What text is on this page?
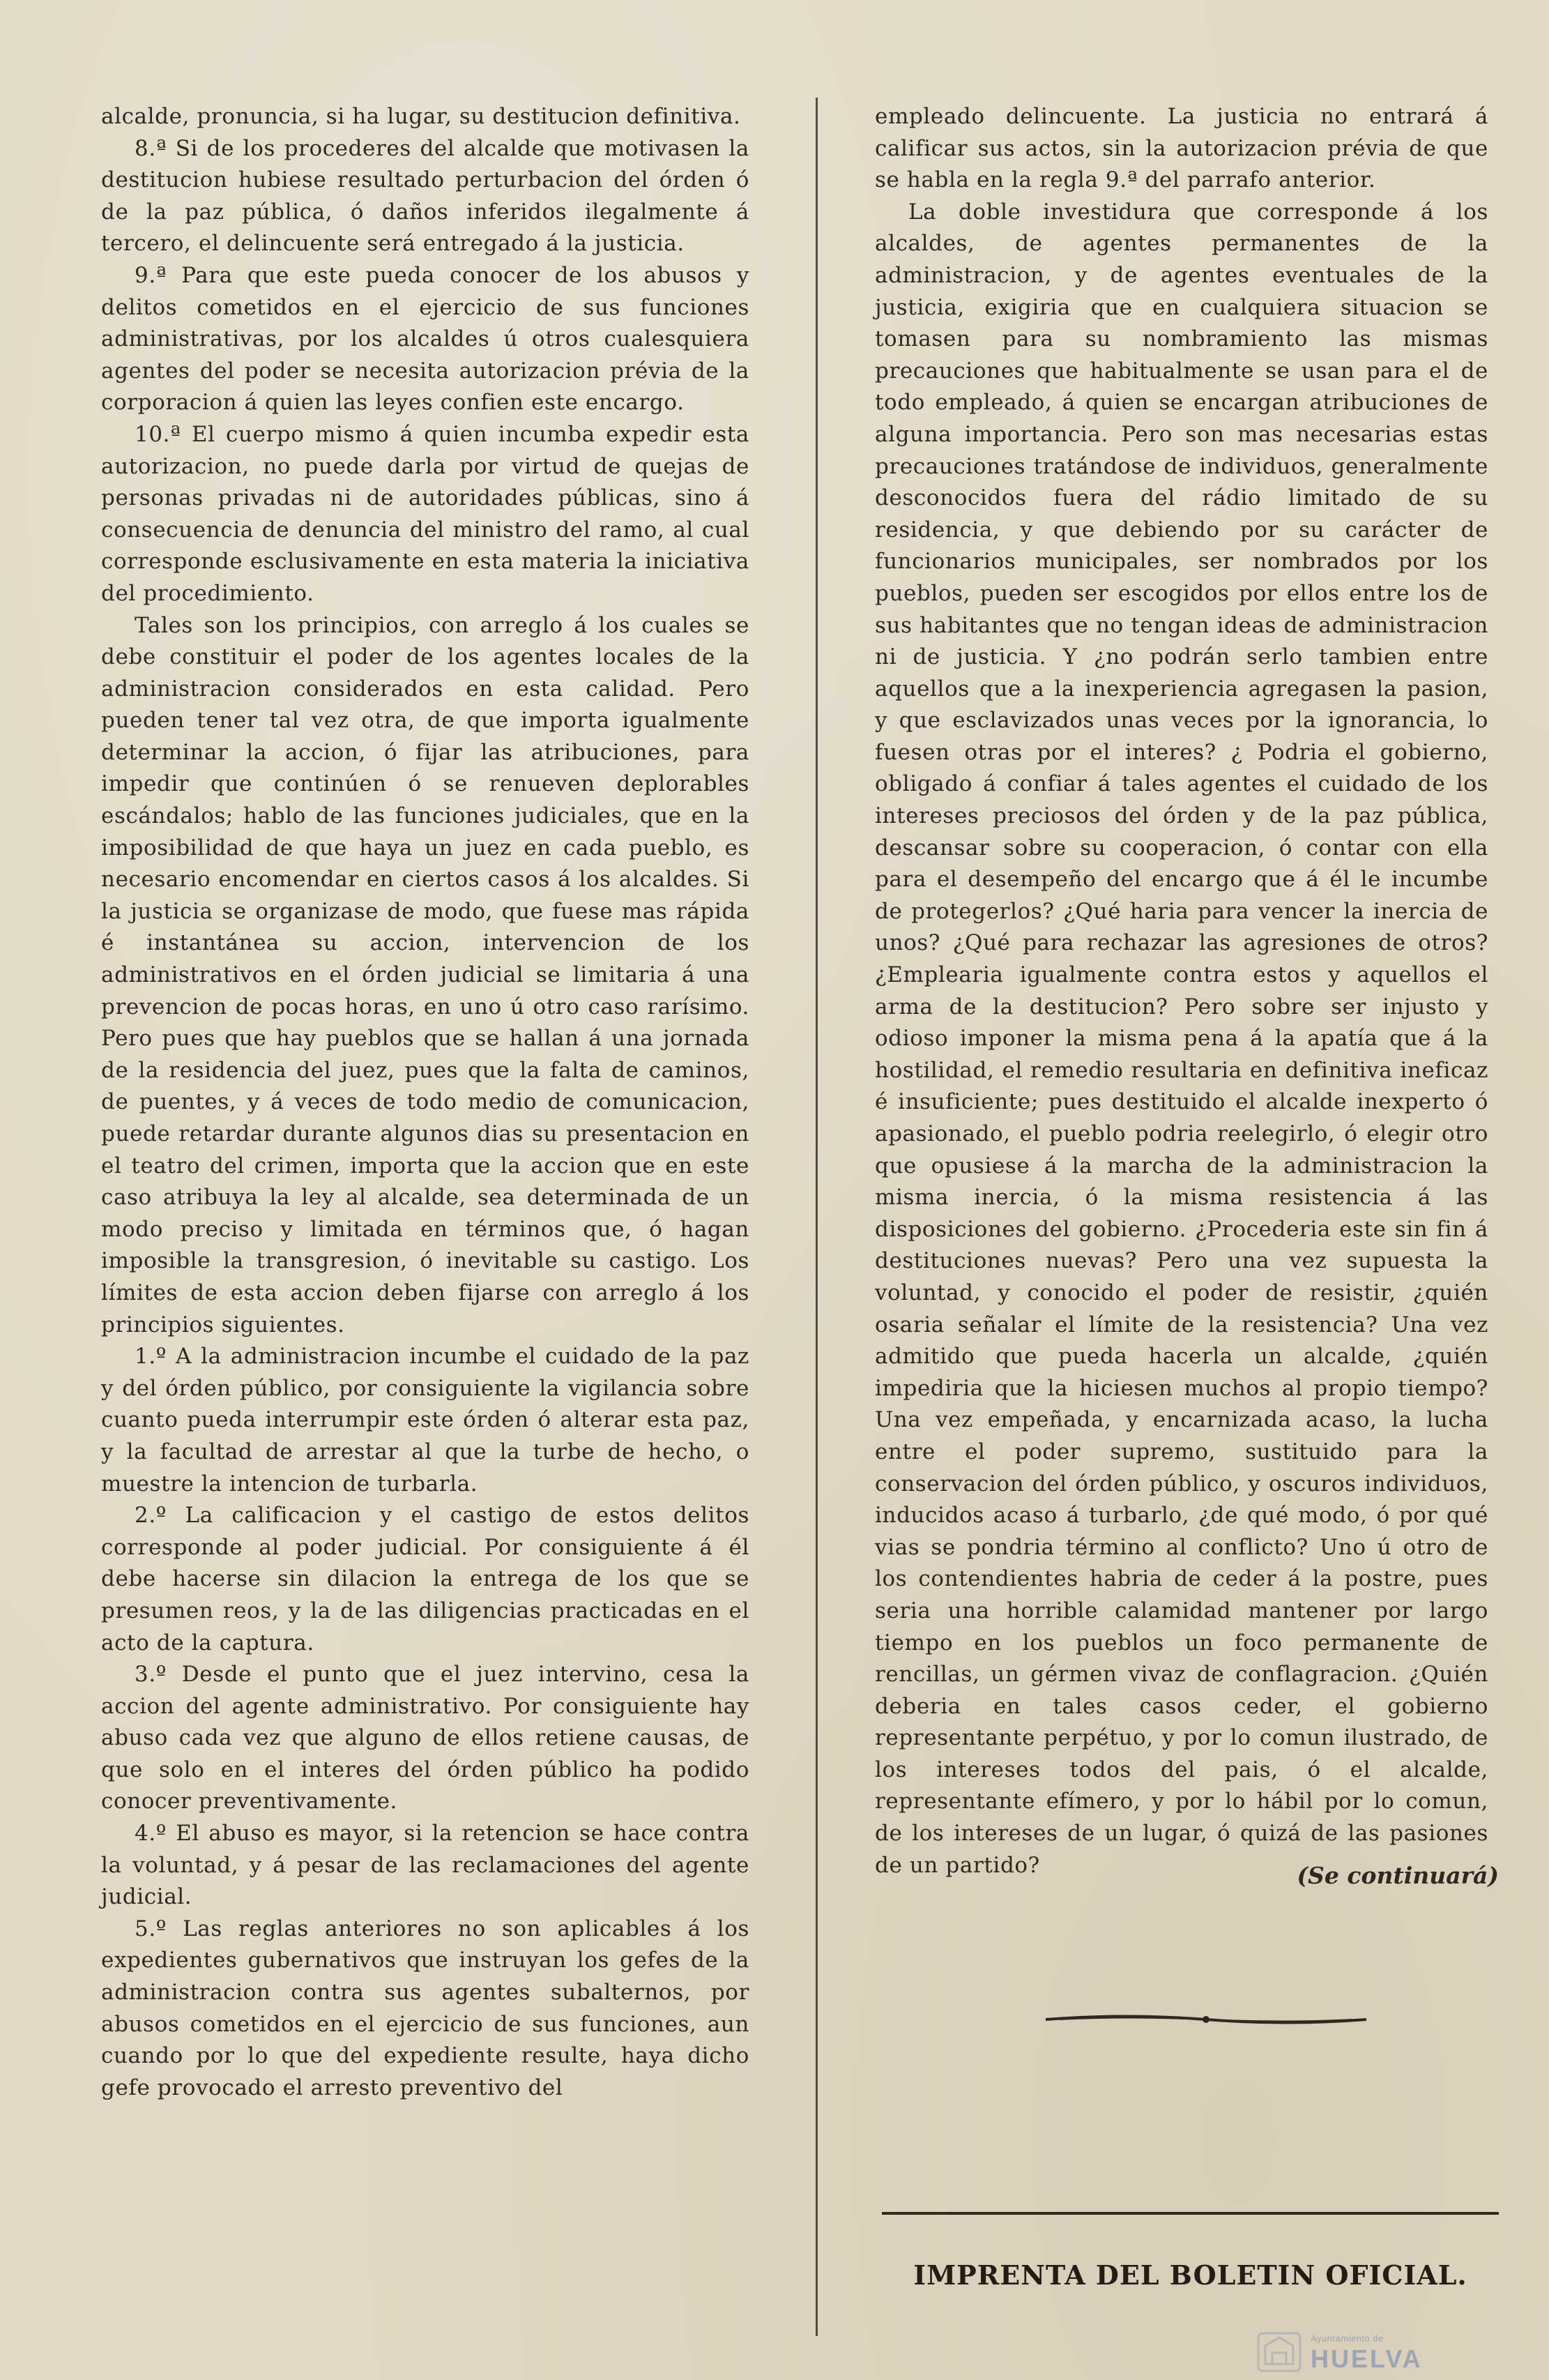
alcalde, pronuncia, si ha lugar, su destitucion definitiva.

8.ª Si de los procederes del alcalde que motivasen la destitucion hubiese resultado perturbacion del órden ó de la paz pública, ó daños inferidos ilegalmente á tercero, el delincuente será entregado á la justicia.

9.ª Para que este pueda conocer de los abusos y delitos cometidos en el ejercicio de sus funciones administrativas, por los alcaldes ú otros cualesquiera agentes del poder se necesita autorizacion prévia de la corporacion á quien las leyes confien este encargo.

10.ª El cuerpo mismo á quien incumba expedir esta autorizacion, no puede darla por virtud de quejas de personas privadas ni de autoridades públicas, sino á consecuencia de denuncia del ministro del ramo, al cual corresponde esclusivamente en esta materia la iniciativa del procedimiento.

Tales son los principios, con arreglo á los cuales se debe constituir el poder de los agentes locales de la administracion considerados en esta calidad. Pero pueden tener tal vez otra, de que importa igualmente determinar la accion, ó fijar las atribuciones, para impedir que continúen ó se renueven deplorables escándalos; hablo de las funciones judiciales, que en la imposibilidad de que haya un juez en cada pueblo, es necesario encomendar en ciertos casos á los alcaldes. Si la justicia se organizase de modo, que fuese mas rápida é instantánea su accion, intervencion de los administrativos en el órden judicial se limitaria á una prevencion de pocas horas, en uno ú otro caso rarísimo. Pero pues que hay pueblos que se hallan á una jornada de la residencia del juez, pues que la falta de caminos, de puentes, y á veces de todo medio de comunicacion, puede retardar durante algunos dias su presentacion en el teatro del crimen, importa que la accion que en este caso atribuya la ley al alcalde, sea determinada de un modo preciso y limitada en términos que, ó hagan imposible la transgresion, ó inevitable su castigo. Los límites de esta accion deben fijarse con arreglo á los principios siguientes.

1.º A la administracion incumbe el cuidado de la paz y del órden público, por consiguiente la vigilancia sobre cuanto pueda interrumpir este órden ó alterar esta paz, y la facultad de arrestar al que la turbe de hecho, o muestre la intencion de turbarla.

2.º La calificacion y el castigo de estos delitos corresponde al poder judicial. Por consiguiente á él debe hacerse sin dilacion la entrega de los que se presumen reos, y la de las diligencias practicadas en el acto de la captura.

3.º Desde el punto que el juez intervino, cesa la accion del agente administrativo. Por consiguiente hay abuso cada vez que alguno de ellos retiene causas, de que solo en el interes del órden público ha podido conocer preventivamente.

4.º El abuso es mayor, si la retencion se hace contra la voluntad, y á pesar de las reclamaciones del agente judicial.

5.º Las reglas anteriores no son aplicables á los expedientes gubernativos que instruyan los gefes de la administracion contra sus agentes subalternos, por abusos cometidos en el ejercicio de sus funciones, aun cuando por lo que del expediente resulte, haya dicho gefe provocado el arresto preventivo del

empleado delincuente. La justicia no entrará á calificar sus actos, sin la autorizacion prévia de que se habla en la regla 9.ª del parrafo anterior.

La doble investidura que corresponde á los alcaldes, de agentes permanentes de la administracion, y de agentes eventuales de la justicia, exigiria que en cualquiera situacion se tomasen para su nombramiento las mismas precauciones que habitualmente se usan para el de todo empleado, á quien se encargan atribuciones de alguna importancia. Pero son mas necesarias estas precauciones tratándose de individuos, generalmente desconocidos fuera del rádio limitado de su residencia, y que debiendo por su carácter de funcionarios municipales, ser nombrados por los pueblos, pueden ser escogidos por ellos entre los de sus habitantes que no tengan ideas de administracion ni de justicia. Y ¿no podrán serlo tambien entre aquellos que a la inexperiencia agregasen la pasion, y que esclavizados unas veces por la ignorancia, lo fuesen otras por el interes? ¿ Podria el gobierno, obligado á confiar á tales agentes el cuidado de los intereses preciosos del órden y de la paz pública, descansar sobre su cooperacion, ó contar con ella para el desempeño del encargo que á él le incumbe de protegerlos? ¿Qué haria para vencer la inercia de unos? ¿Qué para rechazar las agresiones de otros? ¿Emplearia igualmente contra estos y aquellos el arma de la destitucion? Pero sobre ser injusto y odioso imponer la misma pena á la apatía que á la hostilidad, el remedio resultaria en definitiva ineficaz é insuficiente; pues destituido el alcalde inexperto ó apasionado, el pueblo podria reelegirlo, ó elegir otro que opusiese á la marcha de la administracion la misma inercia, ó la misma resistencia á las disposiciones del gobierno. ¿Procederia este sin fin á destituciones nuevas? Pero una vez supuesta la voluntad, y conocido el poder de resistir, ¿quién osaria señalar el límite de la resistencia? Una vez admitido que pueda hacerla un alcalde, ¿quién impediria que la hiciesen muchos al propio tiempo? Una vez empeñada, y encarnizada acaso, la lucha entre el poder supremo, sustituido para la conservacion del órden público, y oscuros individuos, inducidos acaso á turbarlo, ¿de qué modo, ó por qué vias se pondria término al conflicto? Uno ú otro de los contendientes habria de ceder á la postre, pues seria una horrible calamidad mantener por largo tiempo en los pueblos un foco permanente de rencillas, un gérmen vivaz de conflagracion. ¿Quién deberia en tales casos ceder, el gobierno representante perpétuo, y por lo comun ilustrado, de los intereses todos del pais, ó el alcalde, representante efímero, y por lo hábil por lo comun, de los intereses de un lugar, ó quizá de las pasiones de un partido?	(Se continuará)
IMPRENTA DEL BOLETIN OFICIAL.
Ayuntamiento de
HUELVA
